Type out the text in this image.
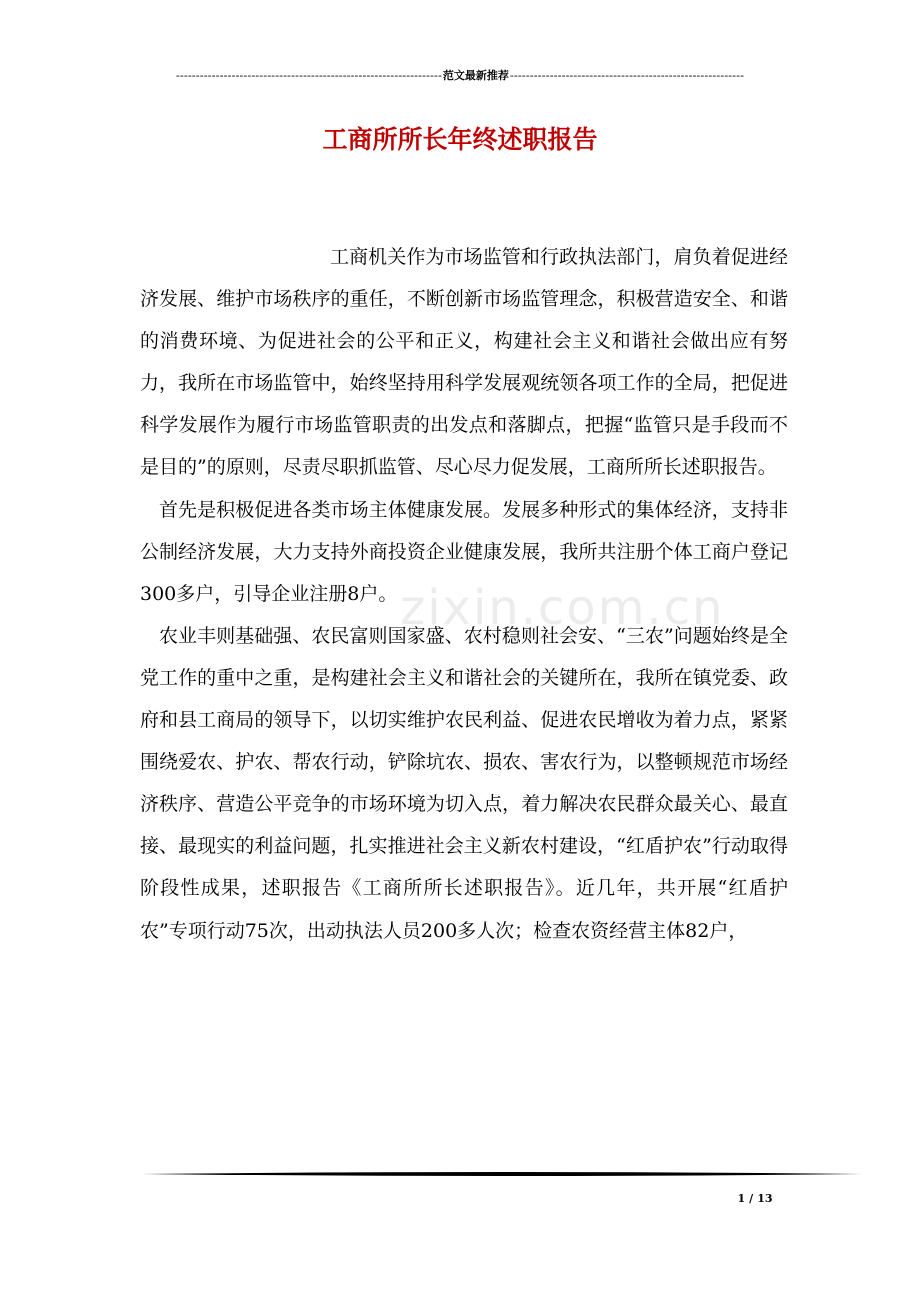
-------------------------------------------------------------------范文最新推荐-----------------------------------------------------------
工商所所长年终述职报告
zixin.com.cn

工商机关作为市场监管和行政执法部门，肩负着促进经济发展、维护市场秩序的重任，不断创新市场监管理念，积极营造安全、和谐的消费环境、为促进社会的公平和正义，构建社会主义和谐社会做出应有努力，我所在市场监管中，始终坚持用科学发展观统领各项工作的全局，把促进科学发展作为履行市场监管职责的出发点和落脚点，把握“监管只是手段而不是目的”的原则，尽责尽职抓监管、尽心尽力促发展，工商所所长述职报告。

首先是积极促进各类市场主体健康发展。发展多种形式的集体经济，支持非公制经济发展，大力支持外商投资企业健康发展，我所共注册个体工商户登记300多户，引导企业注册8户。

农业丰则基础强、农民富则国家盛、农村稳则社会安、“三农”问题始终是全党工作的重中之重，是构建社会主义和谐社会的关键所在，我所在镇党委、政府和县工商局的领导下，以切实维护农民利益、促进农民增收为着力点，紧紧围绕爱农、护农、帮农行动，铲除坑农、损农、害农行为，以整顿规范市场经济秩序、营造公平竞争的市场环境为切入点，着力解决农民群众最关心、最直接、最现实的利益问题，扎实推进社会主义新农村建设，“红盾护农”行动取得阶段性成果，述职报告《工商所所长述职报告》。近几年，共开展“红盾护农”专项行动75次，出动执法人员200多人次；检查农资经营主体82户，

1 / 13
